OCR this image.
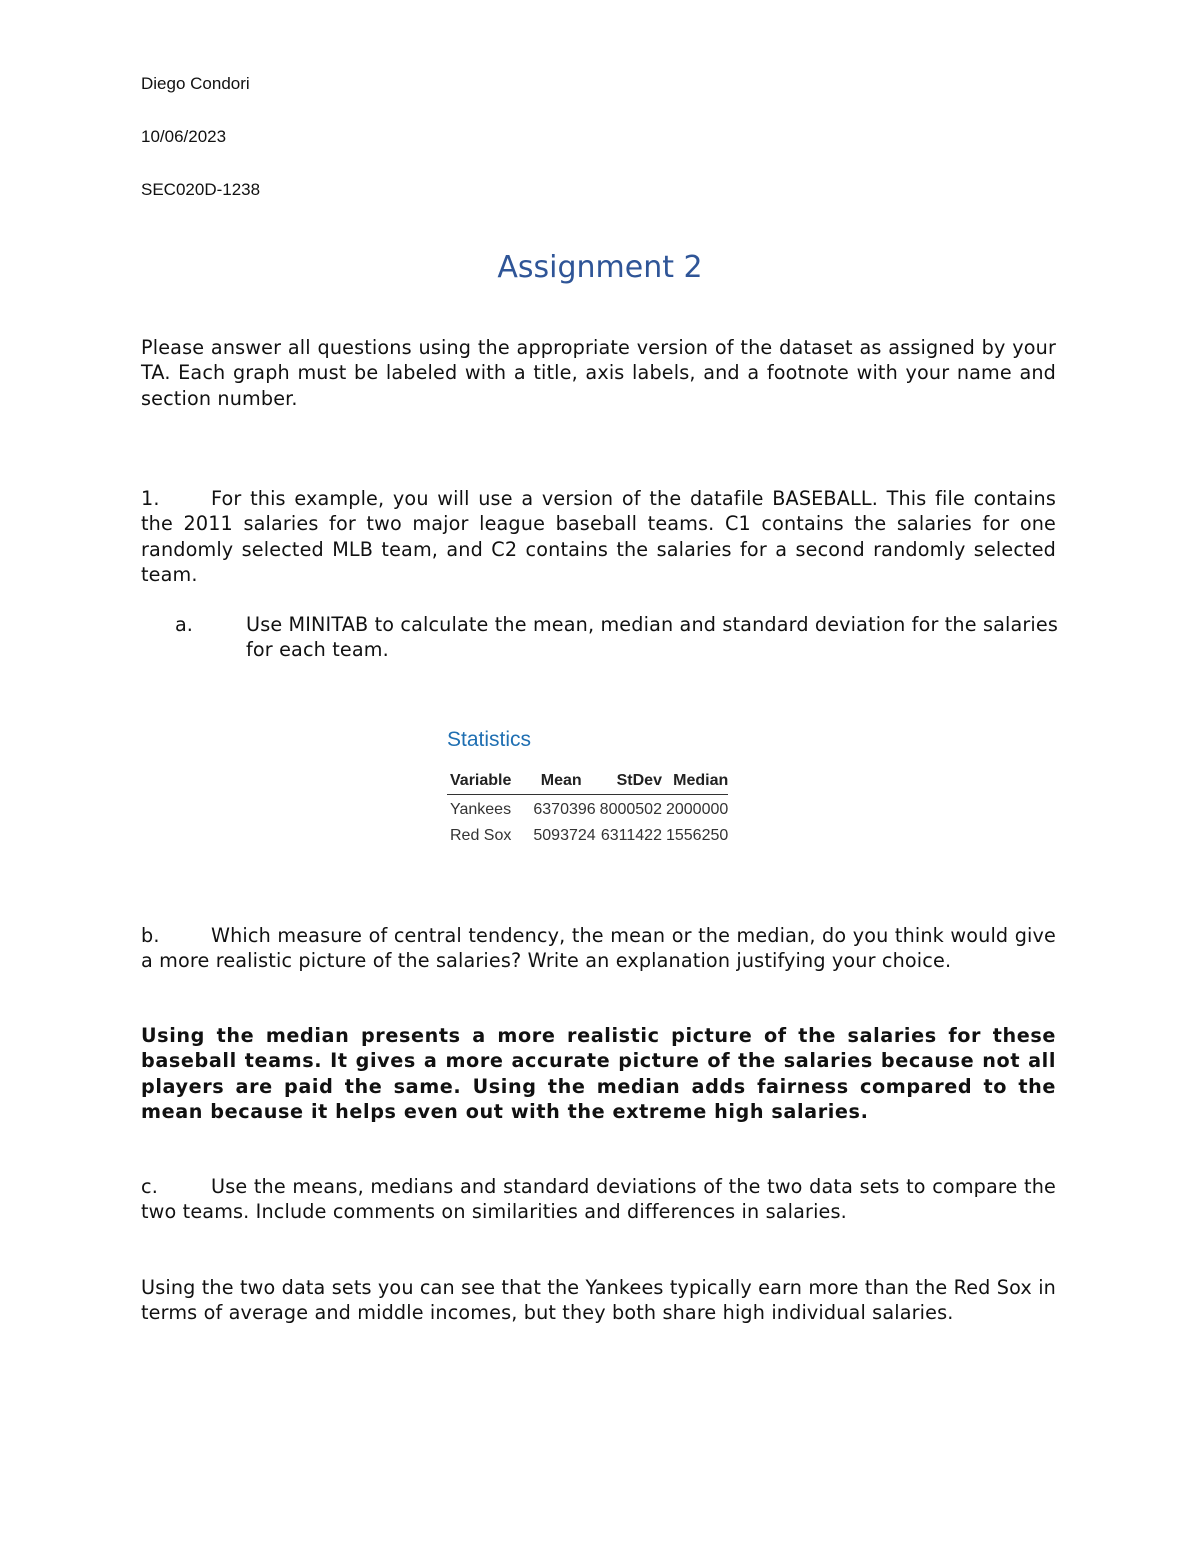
Diego Condori

10/06/2023

SEC020D-1238

Assignment 2

Please answer all questions using the appropriate version of the dataset as assigned by your TA. Each graph must be labeled with a title, axis labels, and a footnote with your name and section number.

1.	For this example, you will use a version of the datafile BASEBALL. This file contains the 2011 salaries for two major league baseball teams. C1 contains the salaries for one randomly selected MLB team, and C2 contains the salaries for a second randomly selected team.

a.	Use MINITAB to calculate the mean, median and standard deviation for the salaries for each team.

Statistics
Variable	Mean	StDev	Median
Yankees	6370396	8000502	2000000
Red Sox	5093724	6311422	1556250

b.	Which measure of central tendency, the mean or the median, do you think would give a more realistic picture of the salaries? Write an explanation justifying your choice.

Using the median presents a more realistic picture of the salaries for these baseball teams. It gives a more accurate picture of the salaries because not all players are paid the same. Using the median adds fairness compared to the mean because it helps even out with the extreme high salaries.

c.	Use the means, medians and standard deviations of the two data sets to compare the two teams. Include comments on similarities and differences in salaries.

Using the two data sets you can see that the Yankees typically earn more than the Red Sox in terms of average and middle incomes, but they both share high individual salaries.
